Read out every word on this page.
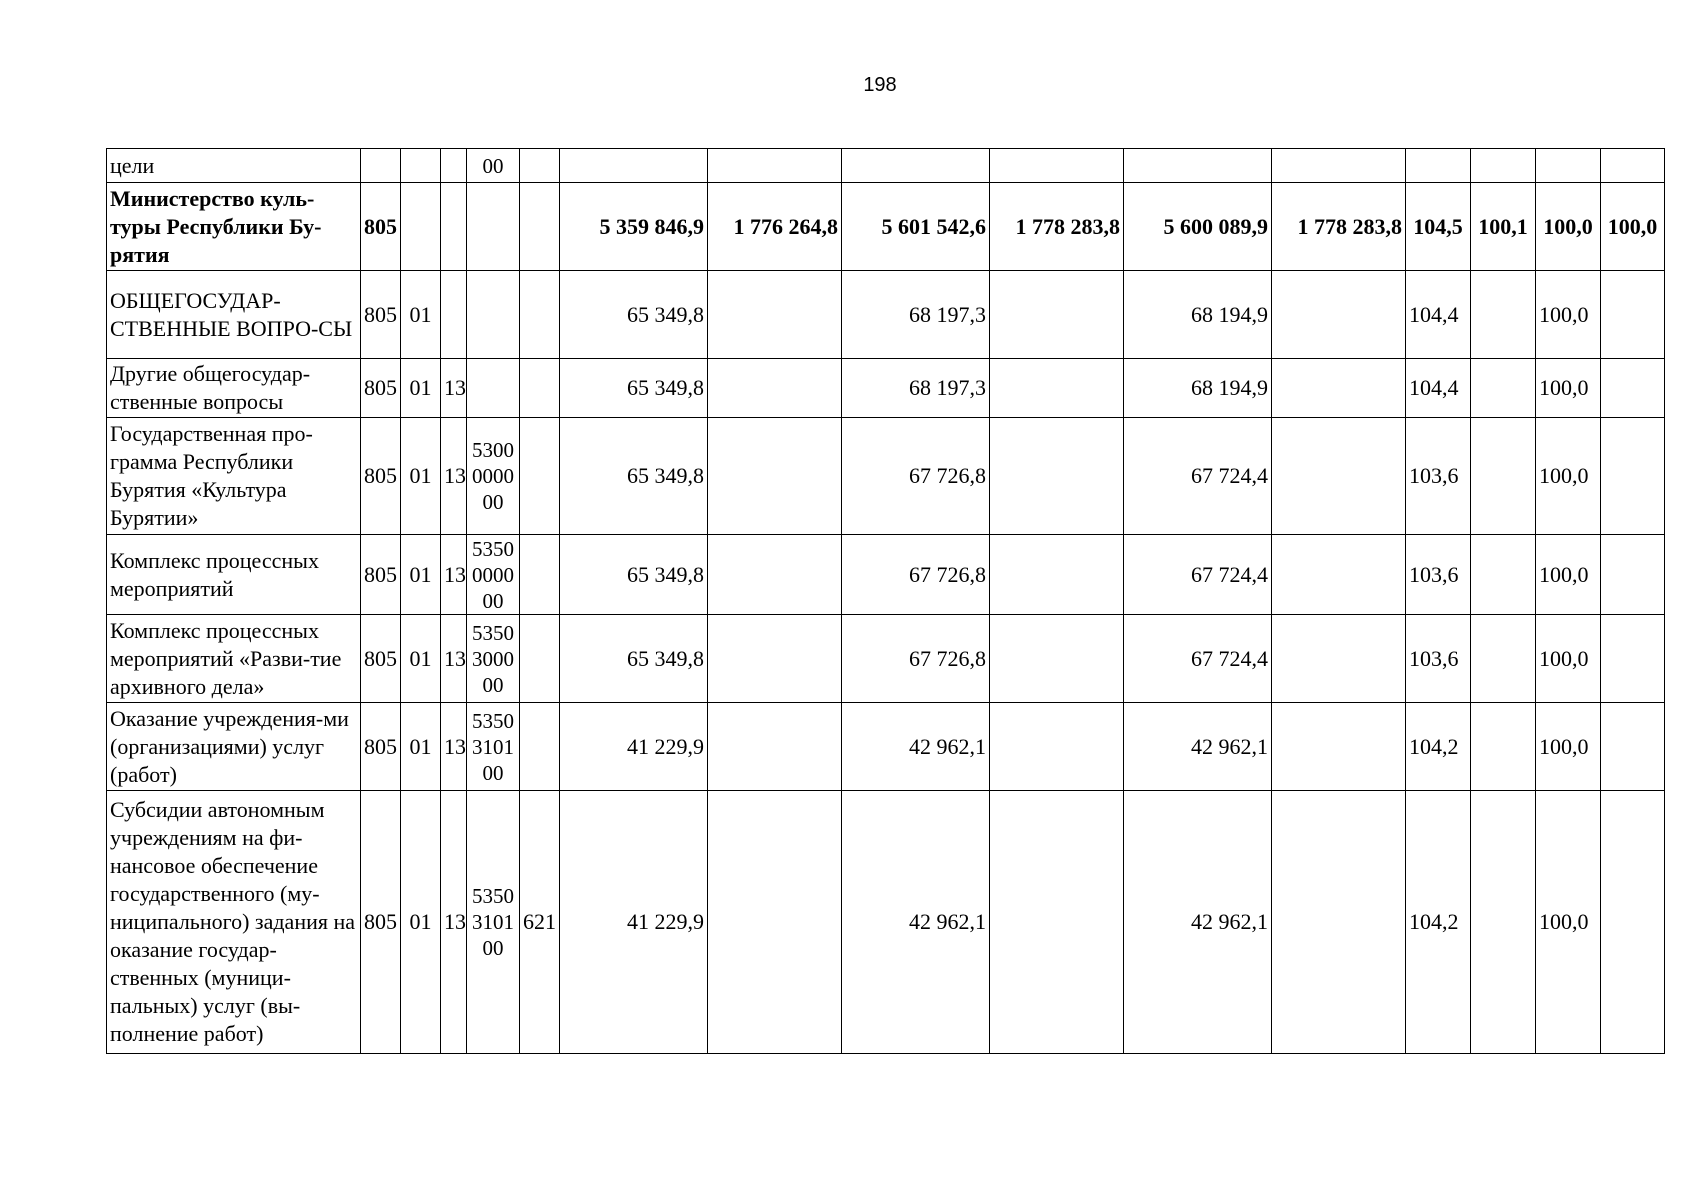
198
цели				00											
Министерство куль-туры Республики Бу-рятия	805					5 359 846,9	1 776 264,8	5 601 542,6	1 778 283,8	5 600 089,9	1 778 283,8	104,5	100,1	100,0	100,0
ОБЩЕГОСУДАР-СТВЕННЫЕ ВОПРО-СЫ	805	01				65 349,8		68 197,3		68 194,9		104,4		100,0	
Другие общегосудар-ственные вопросы	805	01	13			65 349,8		68 197,3		68 194,9		104,4		100,0	
Государственная про-грамма Республики Бурятия «Культура Бурятии»	805	01	13	5300 0000 00		65 349,8		67 726,8		67 724,4		103,6		100,0	
Комплекс процессных мероприятий	805	01	13	5350 0000 00		65 349,8		67 726,8		67 724,4		103,6		100,0	
Комплекс процессных мероприятий «Разви-тие архивного дела»	805	01	13	5350 3000 00		65 349,8		67 726,8		67 724,4		103,6		100,0	
Оказание учреждения-ми (организациями) услуг (работ)	805	01	13	5350 3101 00		41 229,9		42 962,1		42 962,1		104,2		100,0	
Субсидии автономным учреждениям на фи-нансовое обеспечение государственного (му-ниципального) задания на оказание государ-ственных (муници-пальных) услуг (вы-полнение работ)	805	01	13	5350 3101 00	621	41 229,9		42 962,1		42 962,1		104,2		100,0	
